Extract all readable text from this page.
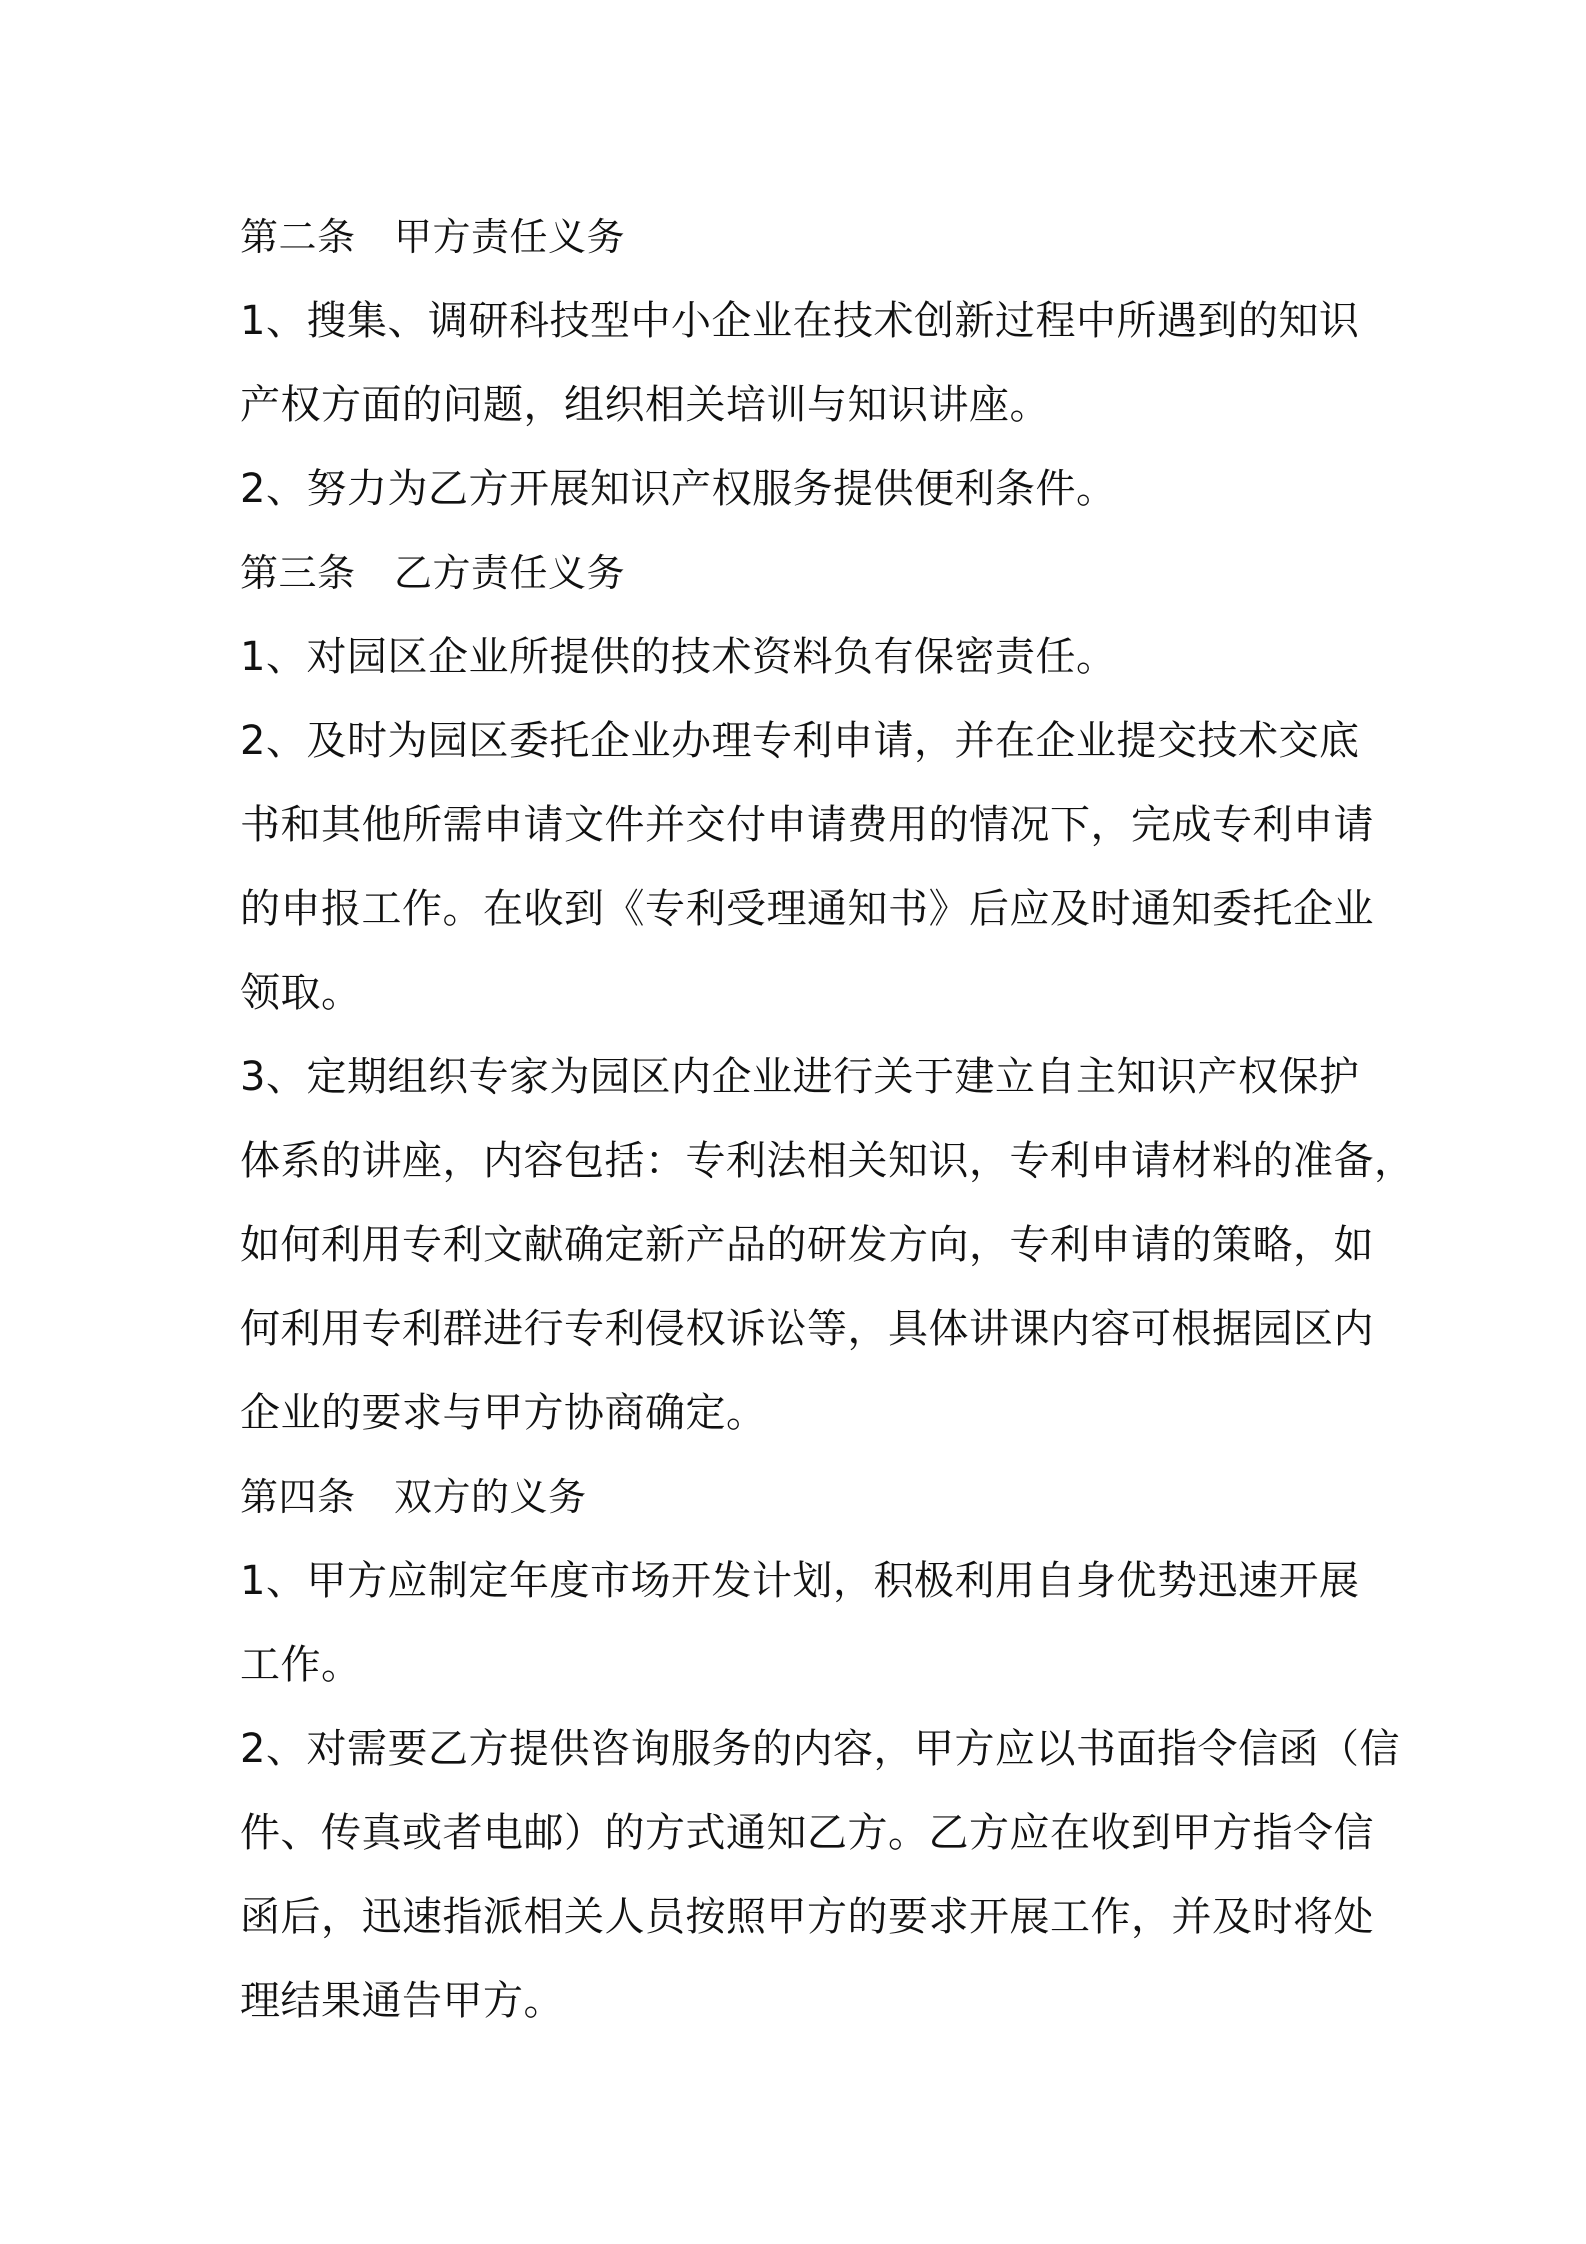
第二条　甲方责任义务

1、搜集、调研科技型中小企业在技术创新过程中所遇到的知识

产权方面的问题，组织相关培训与知识讲座。

2、努力为乙方开展知识产权服务提供便利条件。

第三条　乙方责任义务

1、对园区企业所提供的技术资料负有保密责任。

2、及时为园区委托企业办理专利申请，并在企业提交技术交底

书和其他所需申请文件并交付申请费用的情况下，完成专利申请

的申报工作。在收到《专利受理通知书》后应及时通知委托企业

领取。

3、定期组织专家为园区内企业进行关于建立自主知识产权保护

体系的讲座，内容包括：专利法相关知识，专利申请材料的准备，

如何利用专利文献确定新产品的研发方向，专利申请的策略，如

何利用专利群进行专利侵权诉讼等，具体讲课内容可根据园区内

企业的要求与甲方协商确定。

第四条　双方的义务

1、甲方应制定年度市场开发计划，积极利用自身优势迅速开展

工作。

2、对需要乙方提供咨询服务的内容，甲方应以书面指令信函（信

件、传真或者电邮）的方式通知乙方。乙方应在收到甲方指令信

函后，迅速指派相关人员按照甲方的要求开展工作，并及时将处

理结果通告甲方。
